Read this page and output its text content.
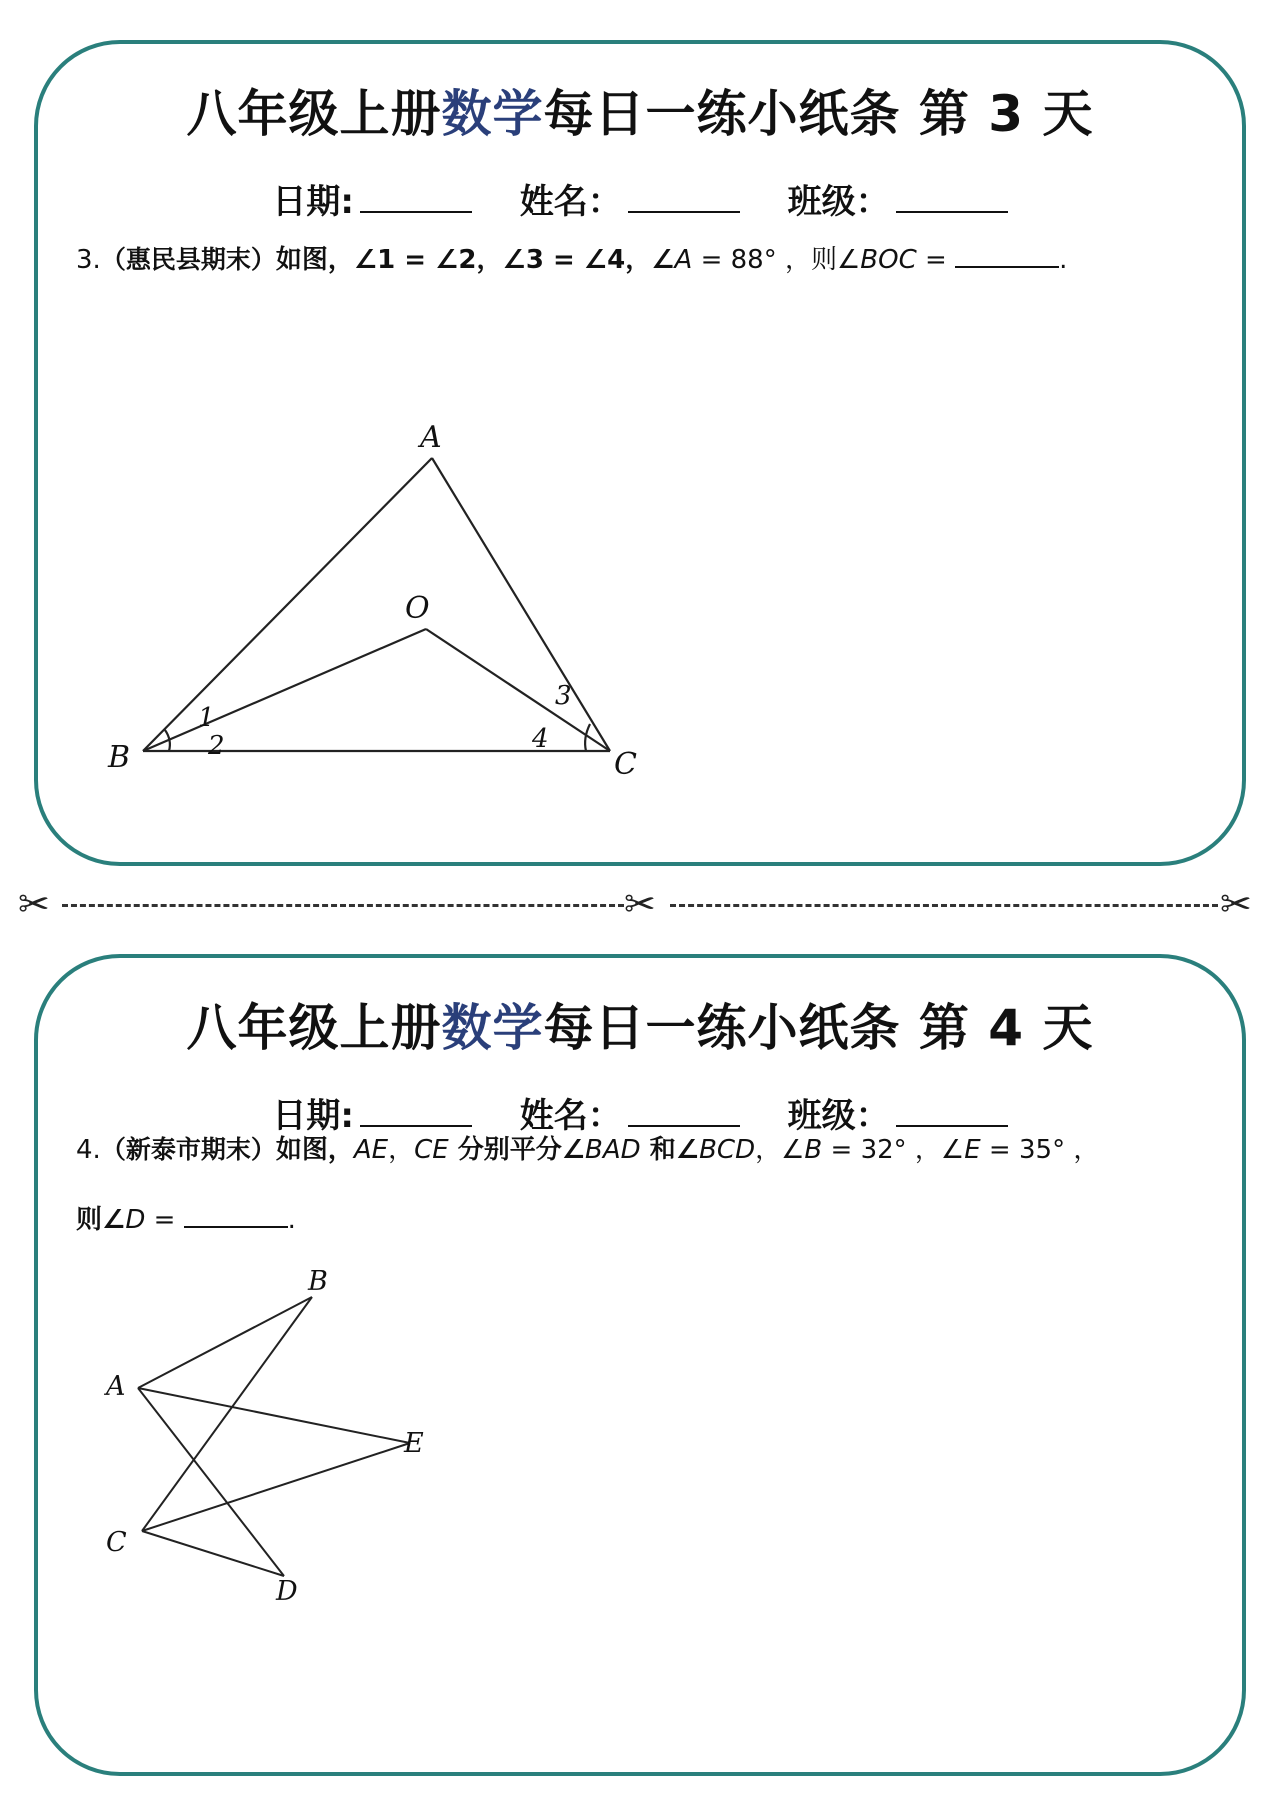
八年级上册数学每日一练小纸条 第 3 天
日期:	姓名：	班级：
3.（惠民县期末）如图，∠1 = ∠2，∠3 = ∠4，∠A = 88° ，则∠BOC =	.
A
O
B	C
1
2
3
4
✂	✂	✂
八年级上册数学每日一练小纸条 第 4 天
日期:	姓名：	班级：
4.（新泰市期末）如图，AE，CE 分别平分∠BAD 和∠BCD，∠B = 32° ，∠E = 35° ，
则∠D =	.
A
B
C
D
E
